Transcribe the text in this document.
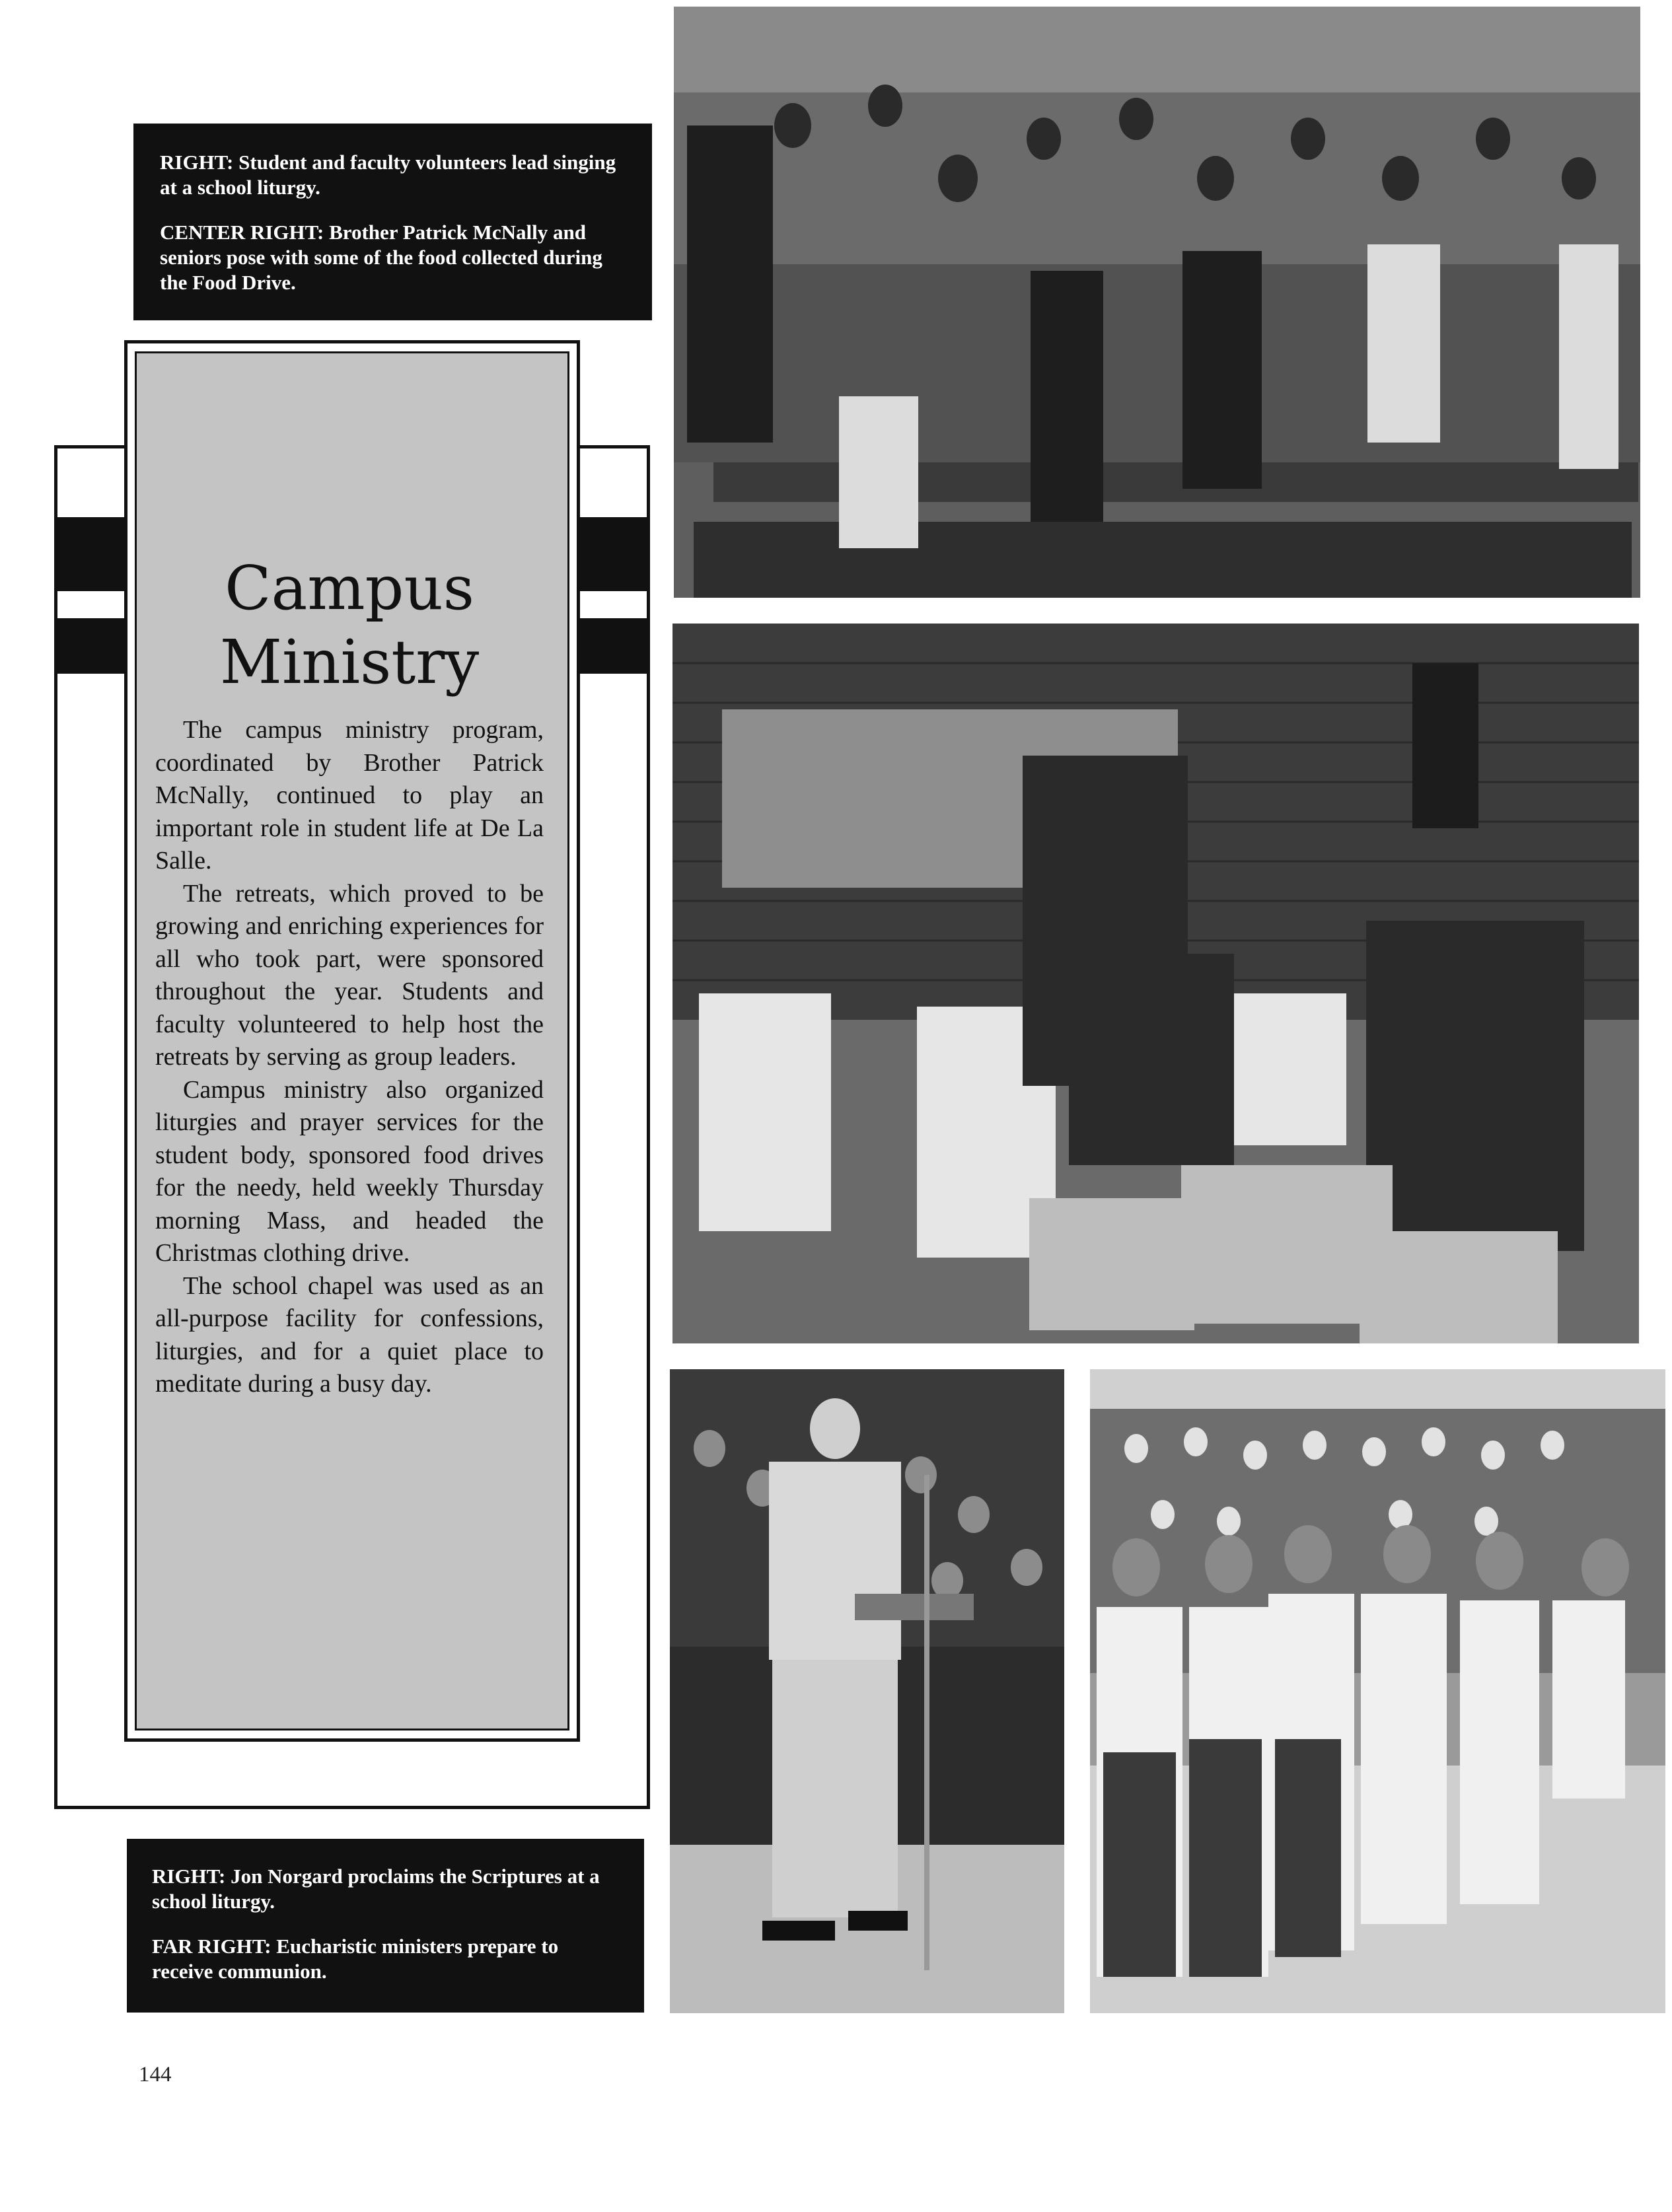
RIGHT: Student and faculty volunteers lead singing at a school liturgy.

CENTER RIGHT: Brother Patrick McNally and seniors pose with some of the food collected during the Food Drive.

Campus
Ministry

The campus ministry program, coordinated by Brother Patrick McNally, continued to play an important role in student life at De La Salle.

The retreats, which proved to be growing and enriching experiences for all who took part, were sponsored throughout the year. Students and faculty volunteered to help host the retreats by serving as group leaders.

Campus ministry also organized liturgies and prayer services for the student body, sponsored food drives for the needy, held weekly Thursday morning Mass, and headed the Christmas clothing drive.

The school chapel was used as an all-purpose facility for confessions, liturgies, and for a quiet place to meditate during a busy day.

RIGHT: Jon Norgard proclaims the Scriptures at a school liturgy.

FAR RIGHT: Eucharistic ministers prepare to receive communion.

144
